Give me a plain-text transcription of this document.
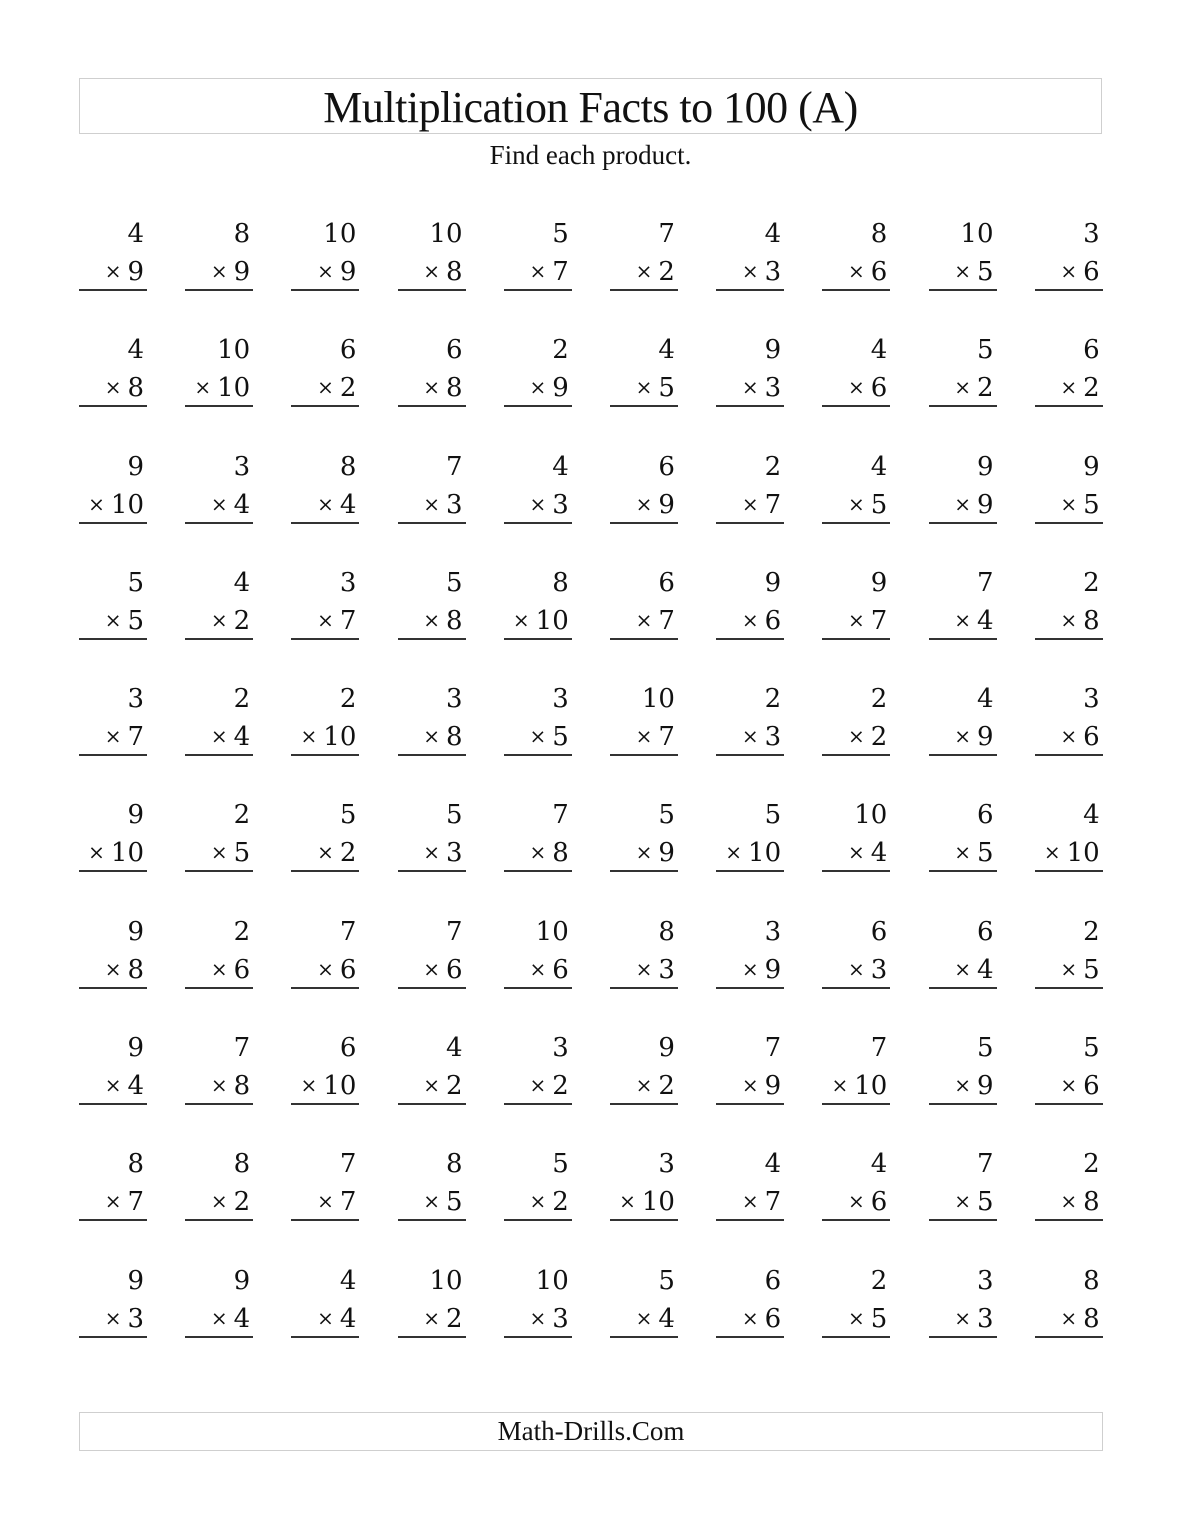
Multiplication Facts to 100 (A)
Find each product.
4
× 9
8
× 9
10
× 9
10
× 8
5
× 7
7
× 2
4
× 3
8
× 6
10
× 5
3
× 6
4
× 8
10
× 10
6
× 2
6
× 8
2
× 9
4
× 5
9
× 3
4
× 6
5
× 2
6
× 2
9
× 10
3
× 4
8
× 4
7
× 3
4
× 3
6
× 9
2
× 7
4
× 5
9
× 9
9
× 5
5
× 5
4
× 2
3
× 7
5
× 8
8
× 10
6
× 7
9
× 6
9
× 7
7
× 4
2
× 8
3
× 7
2
× 4
2
× 10
3
× 8
3
× 5
10
× 7
2
× 3
2
× 2
4
× 9
3
× 6
9
× 10
2
× 5
5
× 2
5
× 3
7
× 8
5
× 9
5
× 10
10
× 4
6
× 5
4
× 10
9
× 8
2
× 6
7
× 6
7
× 6
10
× 6
8
× 3
3
× 9
6
× 3
6
× 4
2
× 5
9
× 4
7
× 8
6
× 10
4
× 2
3
× 2
9
× 2
7
× 9
7
× 10
5
× 9
5
× 6
8
× 7
8
× 2
7
× 7
8
× 5
5
× 2
3
× 10
4
× 7
4
× 6
7
× 5
2
× 8
9
× 3
9
× 4
4
× 4
10
× 2
10
× 3
5
× 4
6
× 6
2
× 5
3
× 3
8
× 8
Math-Drills.Com
